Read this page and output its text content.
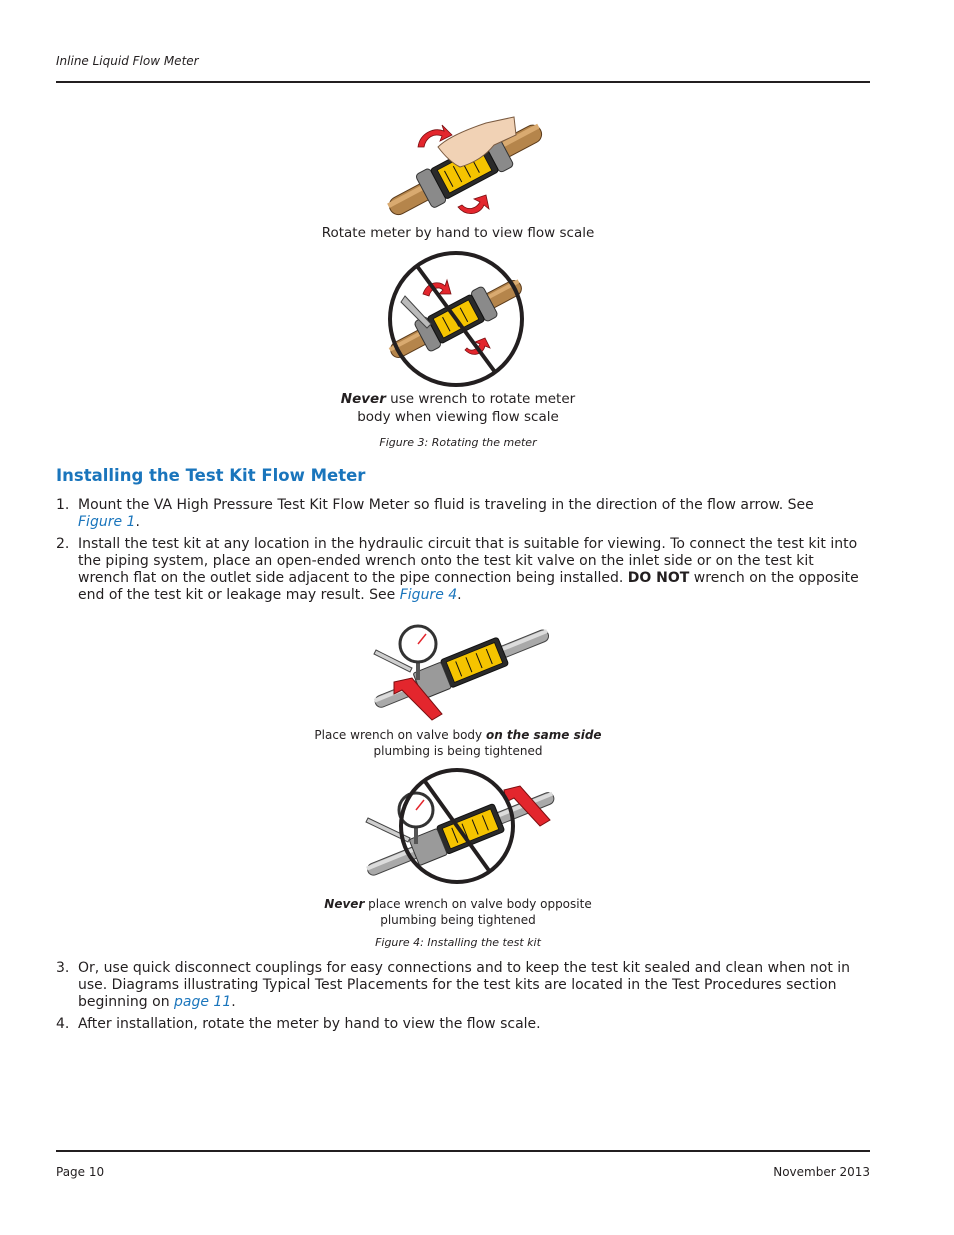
Inline Liquid Flow Meter
Rotate meter by hand to view flow scale
Never use wrench to rotate meter
body when viewing flow scale
Figure 3: Rotating the meter
Installing the Test Kit Flow Meter
1. Mount the VA High Pressure Test Kit Flow Meter so fluid is traveling in the direction of the flow arrow. See Figure 1.
2. Install the test kit at any location in the hydraulic circuit that is suitable for viewing. To connect the test kit into the piping system, place an open-ended wrench onto the test kit valve on the inlet side or on the test kit wrench flat on the outlet side adjacent to the pipe connection being installed. DO NOT wrench on the opposite end of the test kit or leakage may result. See Figure 4.
Place wrench on valve body on the same side
plumbing is being tightened
Never place wrench on valve body opposite
plumbing being tightened
Figure 4: Installing the test kit
3. Or, use quick disconnect couplings for easy connections and to keep the test kit sealed and clean when not in use. Diagrams illustrating Typical Test Placements for the test kits are located in the Test Procedures section beginning on page 11.
4. After installation, rotate the meter by hand to view the flow scale.
Page 10	November 2013
